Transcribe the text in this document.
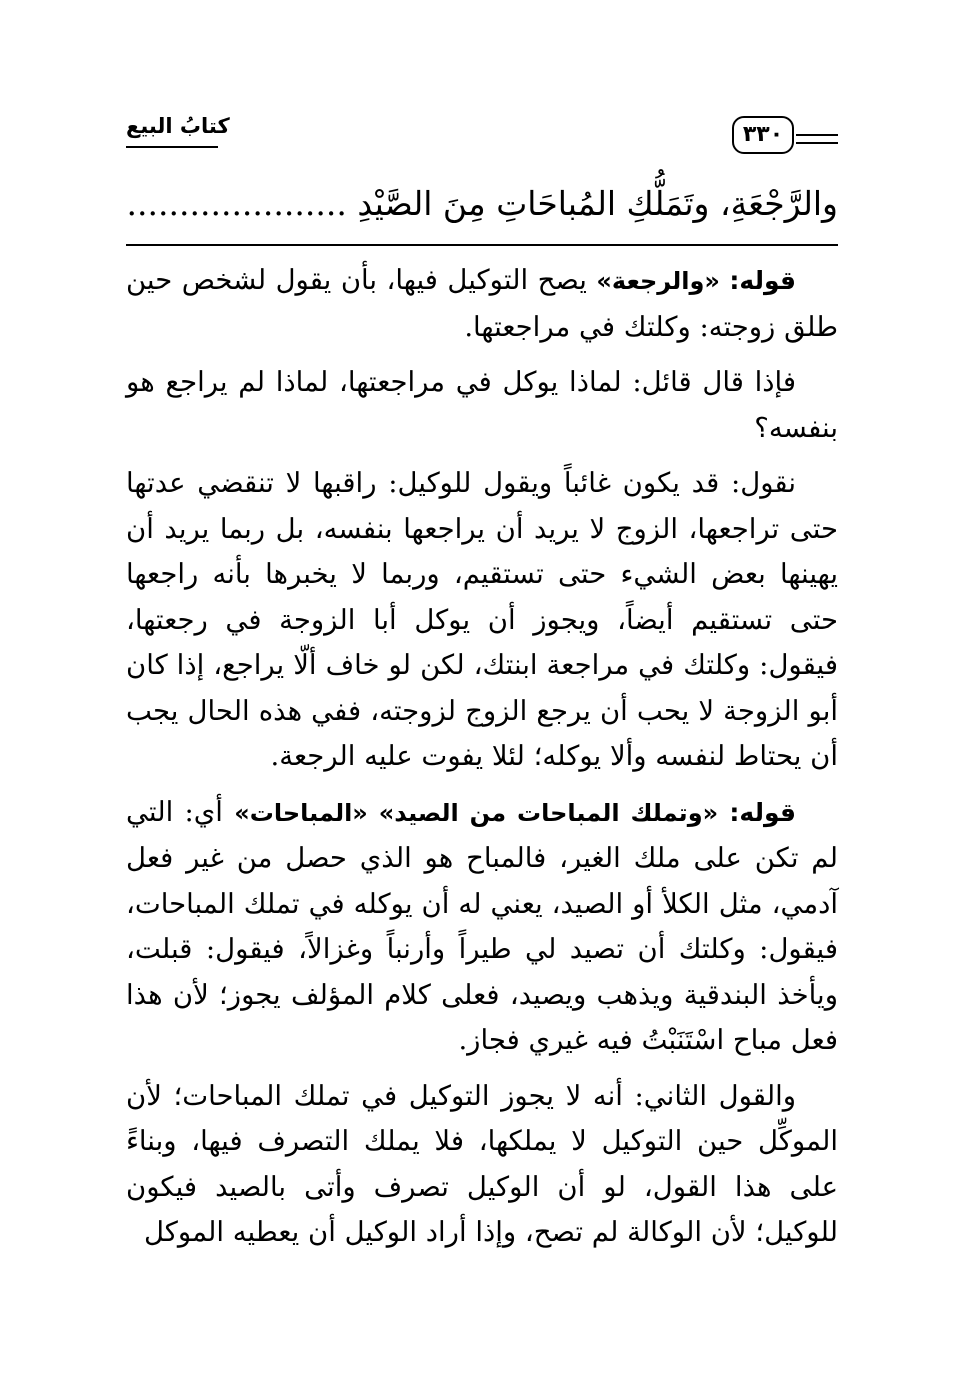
كتابُ البيع	٣٣٠
والرَّجْعَةِ، وتَمَلُّكِ المُباحَاتِ مِنَ الصَّيْدِ .....................

قوله: «والرجعة» يصح التوكيل فيها، بأن يقول لشخص حين طلق زوجته: وكلتك في مراجعتها.

فإذا قال قائل: لماذا يوكل في مراجعتها، لماذا لم يراجع هو بنفسه؟

نقول: قد يكون غائباً ويقول للوكيل: راقبها لا تنقضي عدتها حتى تراجعها، الزوج لا يريد أن يراجعها بنفسه، بل ربما يريد أن يهينها بعض الشيء حتى تستقيم، وربما لا يخبرها بأنه راجعها حتى تستقيم أيضاً، ويجوز أن يوكل أبا الزوجة في رجعتها، فيقول: وكلتك في مراجعة ابنتك، لكن لو خاف ألّا يراجع، إذا كان أبو الزوجة لا يحب أن يرجع الزوج لزوجته، ففي هذه الحال يجب أن يحتاط لنفسه وألا يوكله؛ لئلا يفوت عليه الرجعة.

قوله: «وتملك المباحات من الصيد» «المباحات» أي: التي لم تكن على ملك الغير، فالمباح هو الذي حصل من غير فعل آدمي، مثل الكلأ أو الصيد، يعني له أن يوكله في تملك المباحات، فيقول: وكلتك أن تصيد لي طيراً وأرنباً وغزالاً، فيقول: قبلت، ويأخذ البندقية ويذهب ويصيد، فعلى كلام المؤلف يجوز؛ لأن هذا فعل مباح اسْتَنَبْتُ فيه غيري فجاز.

والقول الثاني: أنه لا يجوز التوكيل في تملك المباحات؛ لأن الموكِّل حين التوكيل لا يملكها، فلا يملك التصرف فيها، وبناءً على هذا القول، لو أن الوكيل تصرف وأتى بالصيد فيكون للوكيل؛ لأن الوكالة لم تصح، وإذا أراد الوكيل أن يعطيه الموكل
